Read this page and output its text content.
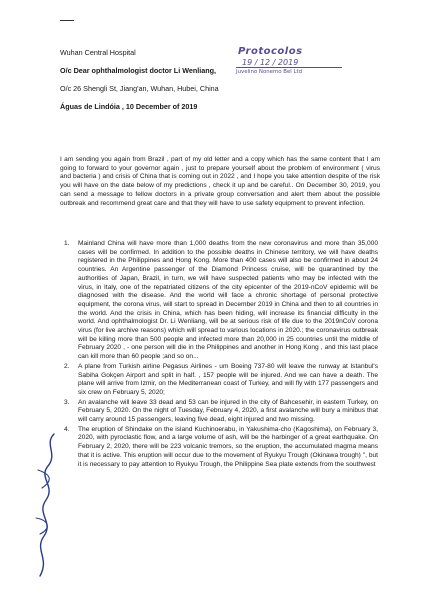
Wuhan Central Hospital
O/c Dear ophthalmologist doctor Li Wenliang,
O/c 26 Shengli St, Jiang'an, Wuhan, Hubei, China
Águas de Lindóia , 10 December of 2019
Protocolos
19 / 12 / 2019
Juvelino Nonemo Bel Ltd

I am sending you again from Brazil , part of my old letter and a copy which has the same content that I am going to forward to your governor again , just to prepare yourself about the problem of environment ( virus and bacteria ) and crisis of China that is coming out in 2022 , and I hope you take attention despite of the risk you will have on the date below of my predictions , check it up and be careful.. On December 30, 2019, you can send a message to fellow doctors in a private group conversation and alert them about the possible outbreak and recommend great care and that they will have to use safety equipment to prevent infection.

1. Mainland China will have more than 1,000 deaths from the new coronavirus and more than 35,000 cases will be confirmed. In addition to the possible deaths in Chinese territory, we will have deaths registered in the Philippines and Hong Kong. More than 400 cases will also be confirmed in about 24 countries. An Argentine passenger of the Diamond Princess cruise, will be quarantined by the authorities of Japan, Brazil, in turn, we will have suspected patients who may be infected with the virus, in Italy, one of the repatriated citizens of the city epicenter of the 2019-nCoV epidemic will be diagnosed with the disease. And the world will face a chronic shortage of personal protective equipment, the corona virus, will start to spread in December 2019 in China and then to all countries in the world. And the crisis in China, which has been hiding, will increase its financial difficulty in the world. And ophthalmologist Dr. Li Wenliang, will be at serious risk of life due to the 2019nCoV corona virus (for live archive reasons) which will spread to various locations in 2020.; the coronavirus outbreak will be killing more than 500 people and infected more than 20,000 in 25 countries until the middle of February 2020 , - one person will die in the Philippines and another in Hong Kong , and this last place can kill more than 60 people ;and so on...
2. A plane from Turkish airline Pegasus Airlines - um Boeing 737-80 will leave the runway at Istanbul's Sabiha Gokçen Airport and split in half. , 157 people will be injured. And we can have a death. The plane will arrive from Izmir, on the Mediterranean coast of Turkey, and will fly with 177 passengers and six crew on February 5, 2020;
3. An avalanche will leave 33 dead and 53 can be injured in the city of Bahcesehir, in eastern Turkey, on February 5, 2020. On the night of Tuesday, February 4, 2020, a first avalanche will bury a minibus that will carry around 15 passengers, leaving five dead, eight injured and two missing.
4. The eruption of Shindake on the island Kuchinoerabu, in Yakushima-cho (Kagoshima), on February 3, 2020, with pyroclastic flow, and a large volume of ash, will be the harbinger of a great earthquake. On February 2, 2020, there will be 223 volcanic tremors, so the eruption, the accumulated magma means that it is active. This eruption will occur due to the movement of Ryukyu Trough (Okinawa trough) ", but it is necessary to pay attention to Ryukyu Trough, the Philippine Sea plate extends from the southwest
